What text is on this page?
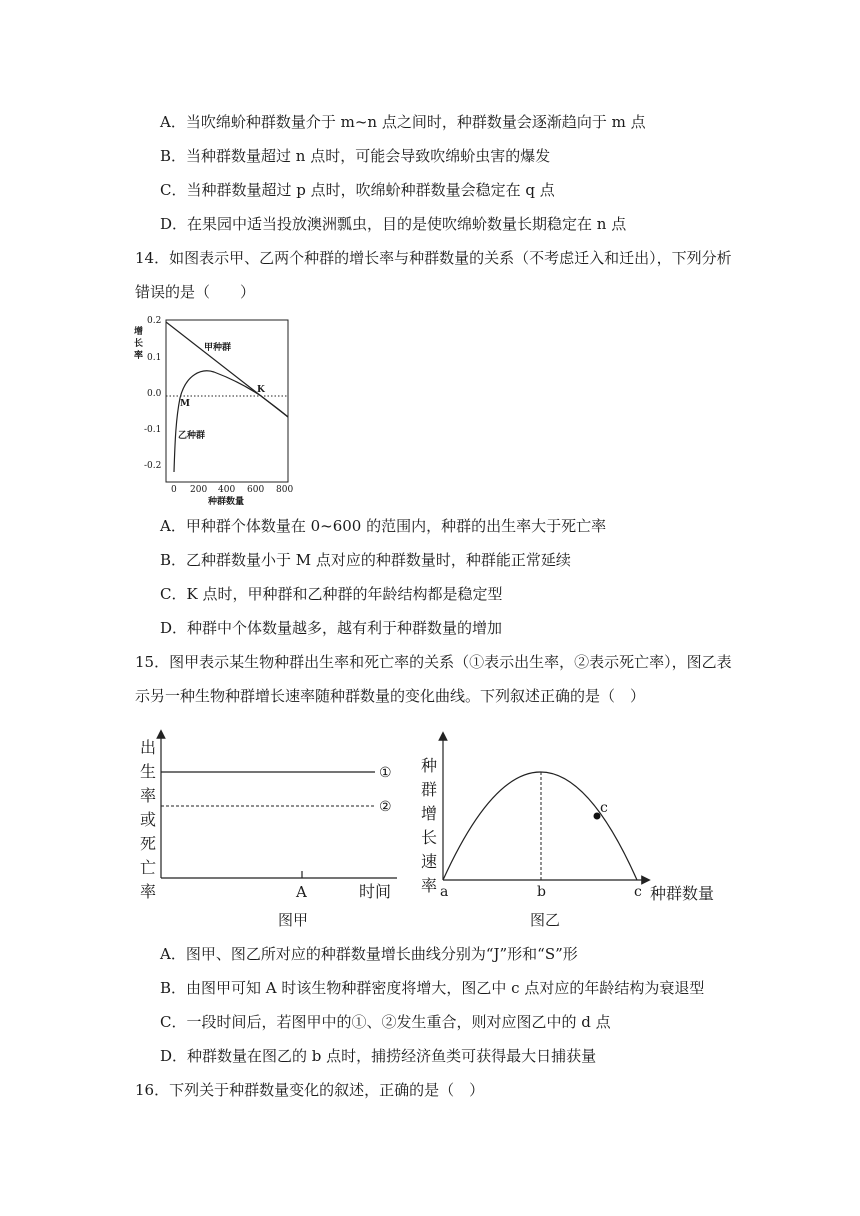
A．当吹绵蚧种群数量介于 m~n 点之间时，种群数量会逐渐趋向于 m 点
B．当种群数量超过 n 点时，可能会导致吹绵蚧虫害的爆发
C．当种群数量超过 p 点时，吹绵蚧种群数量会稳定在 q 点
D．在果园中适当投放澳洲瓢虫，目的是使吹绵蚧数量长期稳定在 n 点
14．如图表示甲、乙两个种群的增长率与种群数量的关系（不考虑迁入和迁出），下列分析
错误的是（　　）
增
长
率
0.2
0.1
0.0
-0.1
-0.2
0 200 400 600 800
种群数量
甲种群
乙种群
K
M
A．甲种群个体数量在 0~600 的范围内，种群的出生率大于死亡率
B．乙种群数量小于 M 点对应的种群数量时，种群能正常延续
C．K 点时，甲种群和乙种群的年龄结构都是稳定型
D．种群中个体数量越多，越有利于种群数量的增加
15．图甲表示某生物种群出生率和死亡率的关系（①表示出生率，②表示死亡率），图乙表
示另一种生物种群增长速率随种群数量的变化曲线。下列叙述正确的是（　）
出
生
率
或
死
亡
率
①
②
A	时间
图甲
种
群
增
长
速
率
c
a	b	c 种群数量
图乙
A．图甲、图乙所对应的种群数量增长曲线分别为“J”形和“S”形
B．由图甲可知 A 时该生物种群密度将增大，图乙中 c 点对应的年龄结构为衰退型
C．一段时间后，若图甲中的①、②发生重合，则对应图乙中的 d 点
D．种群数量在图乙的 b 点时，捕捞经济鱼类可获得最大日捕获量
16．下列关于种群数量变化的叙述，正确的是（　）
